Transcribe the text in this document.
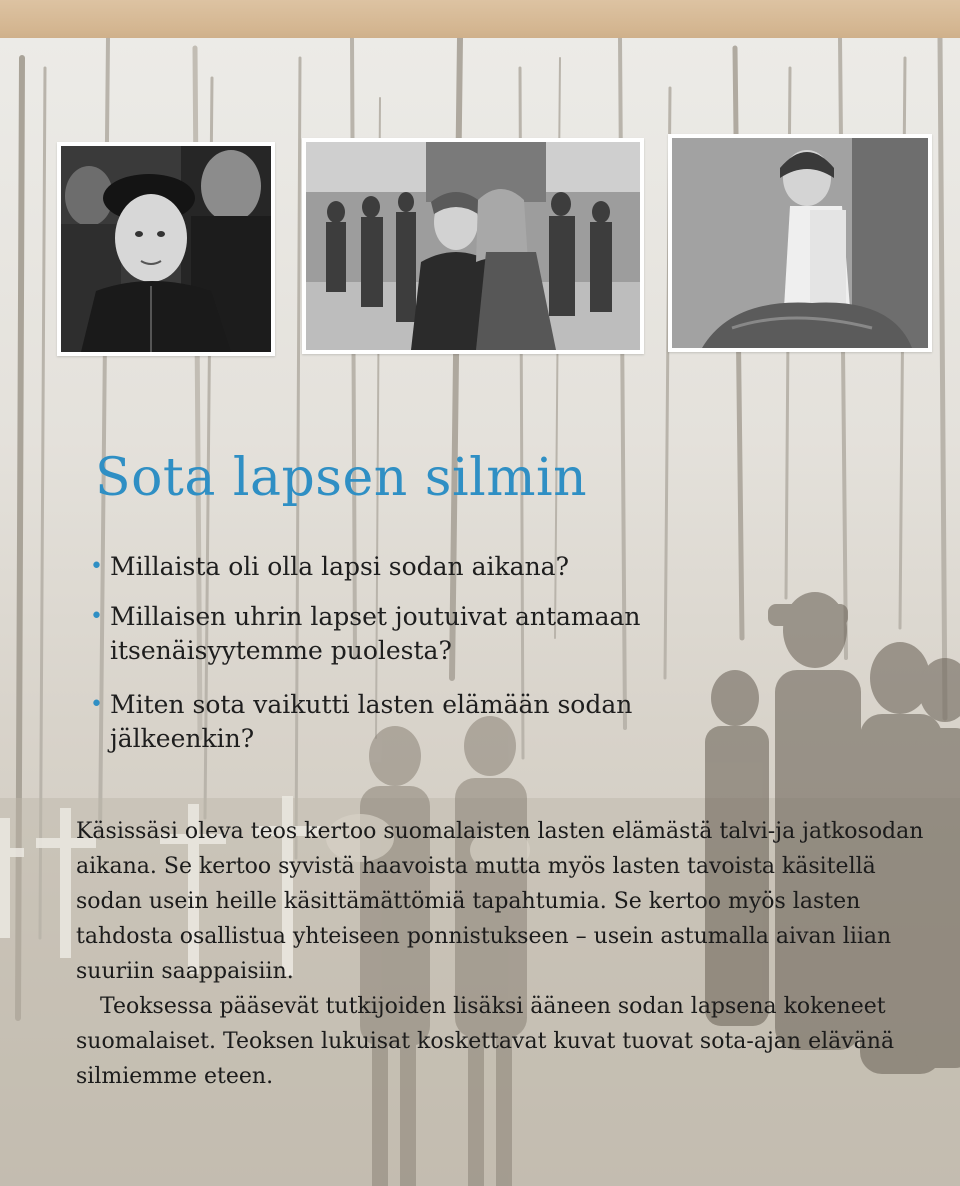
Sota lapsen silmin
• Millaista oli olla lapsi sodan aikana?
• Millaisen uhrin lapset joutuivat antamaan itsenäisyytemme puolesta?
• Miten sota vaikutti lasten elämään sodan jälkeenkin?

Käsissäsi oleva teos kertoo suomalaisten lasten elämästä talvi-ja jatkosodan aikana. Se kertoo syvistä haavoista mutta myös lasten tavoista käsitellä sodan usein heille käsittämättömiä tapahtumia. Se kertoo myös lasten tahdosta osallistua yhteiseen ponnistukseen – usein astumalla aivan liian suuriin saappaisiin.

Teoksessa pääsevät tutkijoiden lisäksi ääneen sodan lapsena kokeneet suomalaiset. Teoksen lukuisat koskettavat kuvat tuovat sota-ajan elävänä silmiemme eteen.
